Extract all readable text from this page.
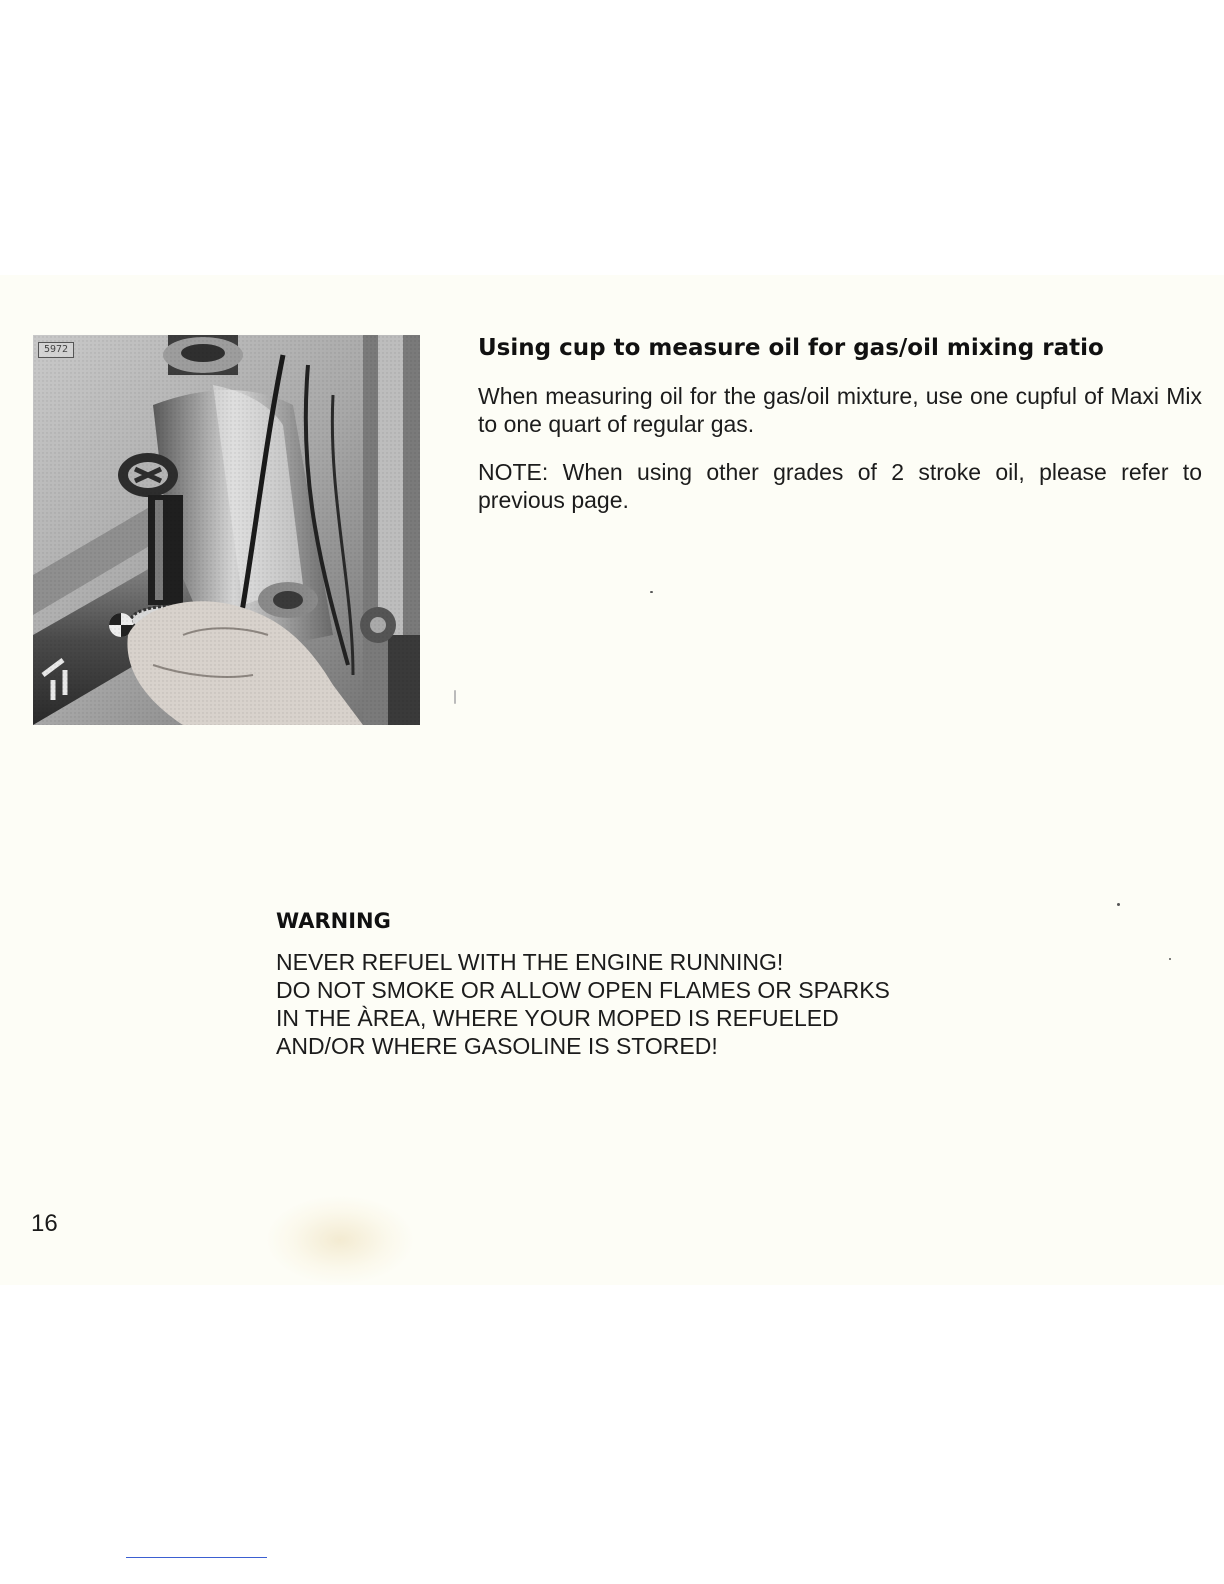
5972	Using cup to measure oil for gas/oil mixing ratio

When measuring oil for the gas/oil mixture, use one cupful of Maxi Mix to one quart of regular gas.

NOTE: When using other grades of 2 stroke oil, please refer to previous page.

WARNING
NEVER REFUEL WITH THE ENGINE RUNNING!
DO NOT SMOKE OR ALLOW OPEN FLAMES OR SPARKS
IN THE ÀREA, WHERE YOUR MOPED IS REFUELED
AND/OR WHERE GASOLINE IS STORED!
16
